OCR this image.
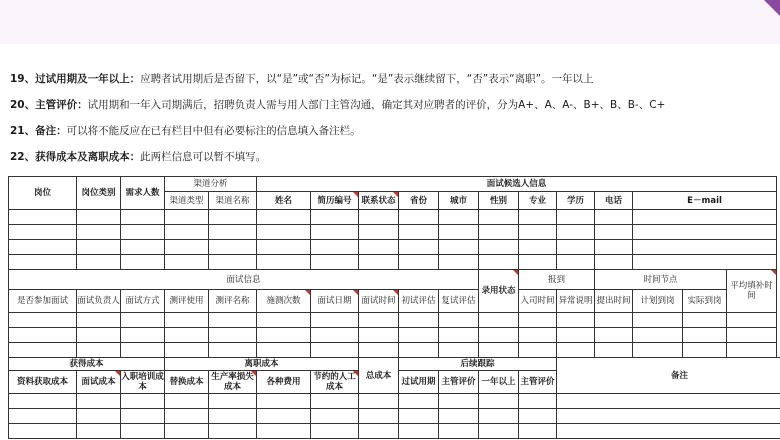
19、过试用期及一年以上：应聘者试用期后是否留下，以“是”或“否”为标记。“是”表示继续留下，“否”表示“离职”。一年以上
20、主管评价：试用期和一年入司期满后，招聘负责人需与用人部门主管沟通，确定其对应聘者的评价，分为A+、A、A-、B+、B、B-、C+
21、备注：可以将不能反应在已有栏目中但有必要标注的信息填入备注栏。
22、获得成本及离职成本：此两栏信息可以暂不填写。
岗位	岗位类别	需求人数	渠道分析		面试候选人信息									
			渠道类型	渠道名称	姓名	简历编号	联系状态	省份	城市	性别	专业	学历	电话	E－mail

面试信息										录用状态	报到		时间节点			平均填补时间
是否参加面试	面试负责人	面试方式	测评使用	测评名称	施测次数	面试日期	面试时间	初试评估	复试评估		入司时间	异常说明	提出时间	计划到岗	实际到岗	

获得成本			离职成本				总成本	后续跟踪				备注
资料获取成本	面试成本	入职培训成本	替换成本	生产率损失成本	各种费用	节约的人工成本		过试用期	主管评价	一年以上	主管评价	
